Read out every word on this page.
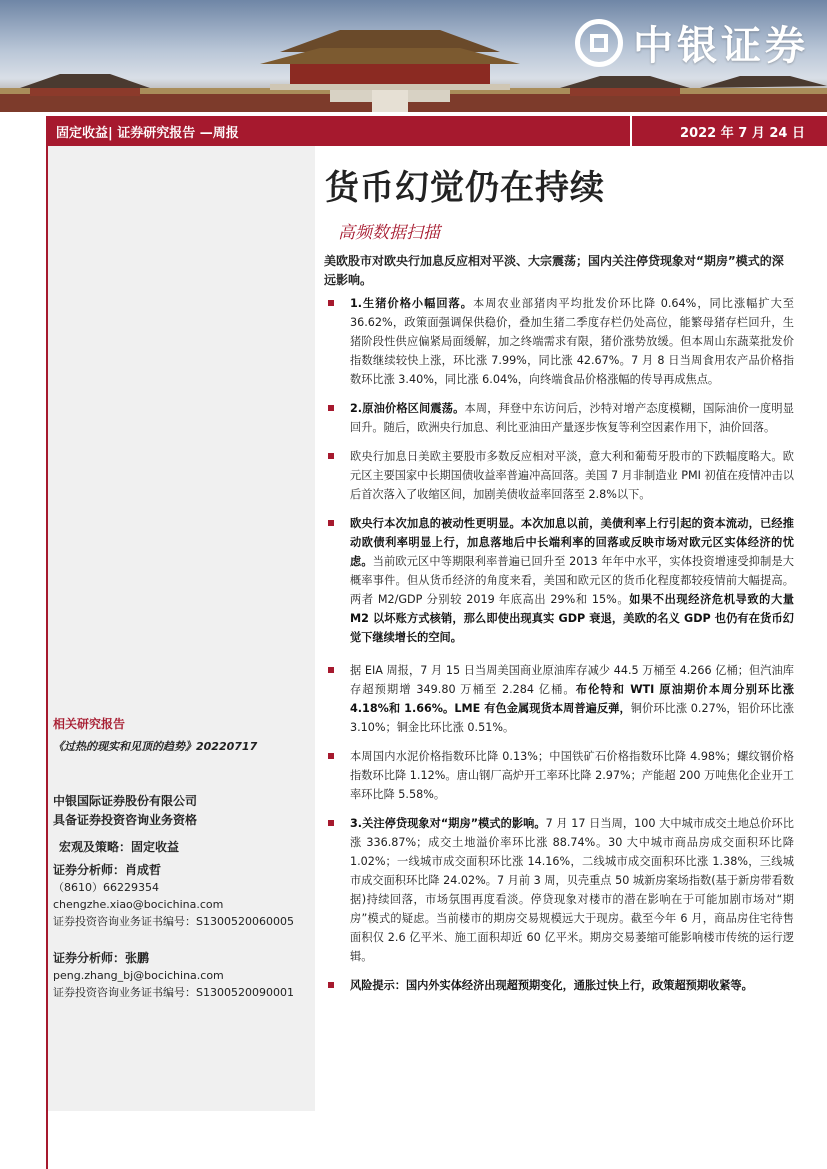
中银证券
固定收益| 证券研究报告 —周报	2022 年 7 月 24 日
货币幻觉仍在持续
高频数据扫描
美欧股市对欧央行加息反应相对平淡、大宗震荡；国内关注停贷现象对“期房”模式的深远影响。
1.生猪价格小幅回落。本周农业部猪肉平均批发价环比降 0.64%，同比涨幅扩大至 36.62%，政策面强调保供稳价，叠加生猪二季度存栏仍处高位，能繁母猪存栏回升，生猪阶段性供应偏紧局面缓解，加之终端需求有限，猪价涨势放缓。但本周山东蔬菜批发价指数继续较快上涨，环比涨 7.99%，同比涨 42.67%。7 月 8 日当周食用农产品价格指数环比涨 3.40%，同比涨 6.04%，向终端食品价格涨幅的传导再成焦点。
2.原油价格区间震荡。本周，拜登中东访问后，沙特对增产态度模糊，国际油价一度明显回升。随后，欧洲央行加息、利比亚油田产量逐步恢复等利空因素作用下，油价回落。
欧央行加息日美欧主要股市多数反应相对平淡，意大利和葡萄牙股市的下跌幅度略大。欧元区主要国家中长期国债收益率普遍冲高回落。美国 7 月非制造业 PMI 初值在疫情冲击以后首次落入了收缩区间，加剧美债收益率回落至 2.8%以下。
欧央行本次加息的被动性更明显。本次加息以前，美债利率上行引起的资本流动，已经推动欧债利率明显上行，加息落地后中长端利率的回落或反映市场对欧元区实体经济的忧虑。当前欧元区中等期限利率普遍已回升至 2013 年年中水平，实体投资增速受抑制是大概率事件。但从货币经济的角度来看，美国和欧元区的货币化程度都较疫情前大幅提高。两者 M2/GDP 分别较 2019 年底高出 29%和 15%。如果不出现经济危机导致的大量 M2 以坏账方式核销，那么即使出现真实 GDP 衰退，美欧的名义 GDP 也仍有在货币幻觉下继续增长的空间。
据 EIA 周报，7 月 15 日当周美国商业原油库存减少 44.5 万桶至 4.266 亿桶；但汽油库存超预期增 349.80 万桶至 2.284 亿桶。布伦特和 WTI 原油期价本周分别环比涨 4.18%和 1.66%。LME 有色金属现货本周普遍反弹，铜价环比涨 0.27%，铝价环比涨 3.10%；铜金比环比涨 0.51%。
本周国内水泥价格指数环比降 0.13%；中国铁矿石价格指数环比降 4.98%；螺纹钢价格指数环比降 1.12%。唐山钢厂高炉开工率环比降 2.97%；产能超 200 万吨焦化企业开工率环比降 5.58%。
3.关注停贷现象对“期房”模式的影响。7 月 17 日当周，100 大中城市成交土地总价环比涨 336.87%；成交土地溢价率环比涨 88.74%。30 大中城市商品房成交面积环比降 1.02%；一线城市成交面积环比涨 14.16%，二线城市成交面积环比涨 1.38%，三线城市成交面积环比降 24.02%。7 月前 3 周，贝壳重点 50 城新房案场指数(基于新房带看数据)持续回落，市场氛围再度看淡。停贷现象对楼市的潜在影响在于可能加剧市场对“期房”模式的疑虑。当前楼市的期房交易规模远大于现房。截至今年 6 月，商品房住宅待售面积仅 2.6 亿平米、施工面积却近 60 亿平米。期房交易萎缩可能影响楼市传统的运行逻辑。
风险提示：国内外实体经济出现超预期变化，通胀过快上行，政策超预期收紧等。
相关研究报告
《过热的现实和见顶的趋势》20220717
中银国际证券股份有限公司
具备证券投资咨询业务资格
宏观及策略：固定收益
证券分析师：肖成哲
（8610）66229354
chengzhe.xiao@bocichina.com
证券投资咨询业务证书编号：S1300520060005
证券分析师：张鹏
peng.zhang_bj@bocichina.com
证券投资咨询业务证书编号：S1300520090001
